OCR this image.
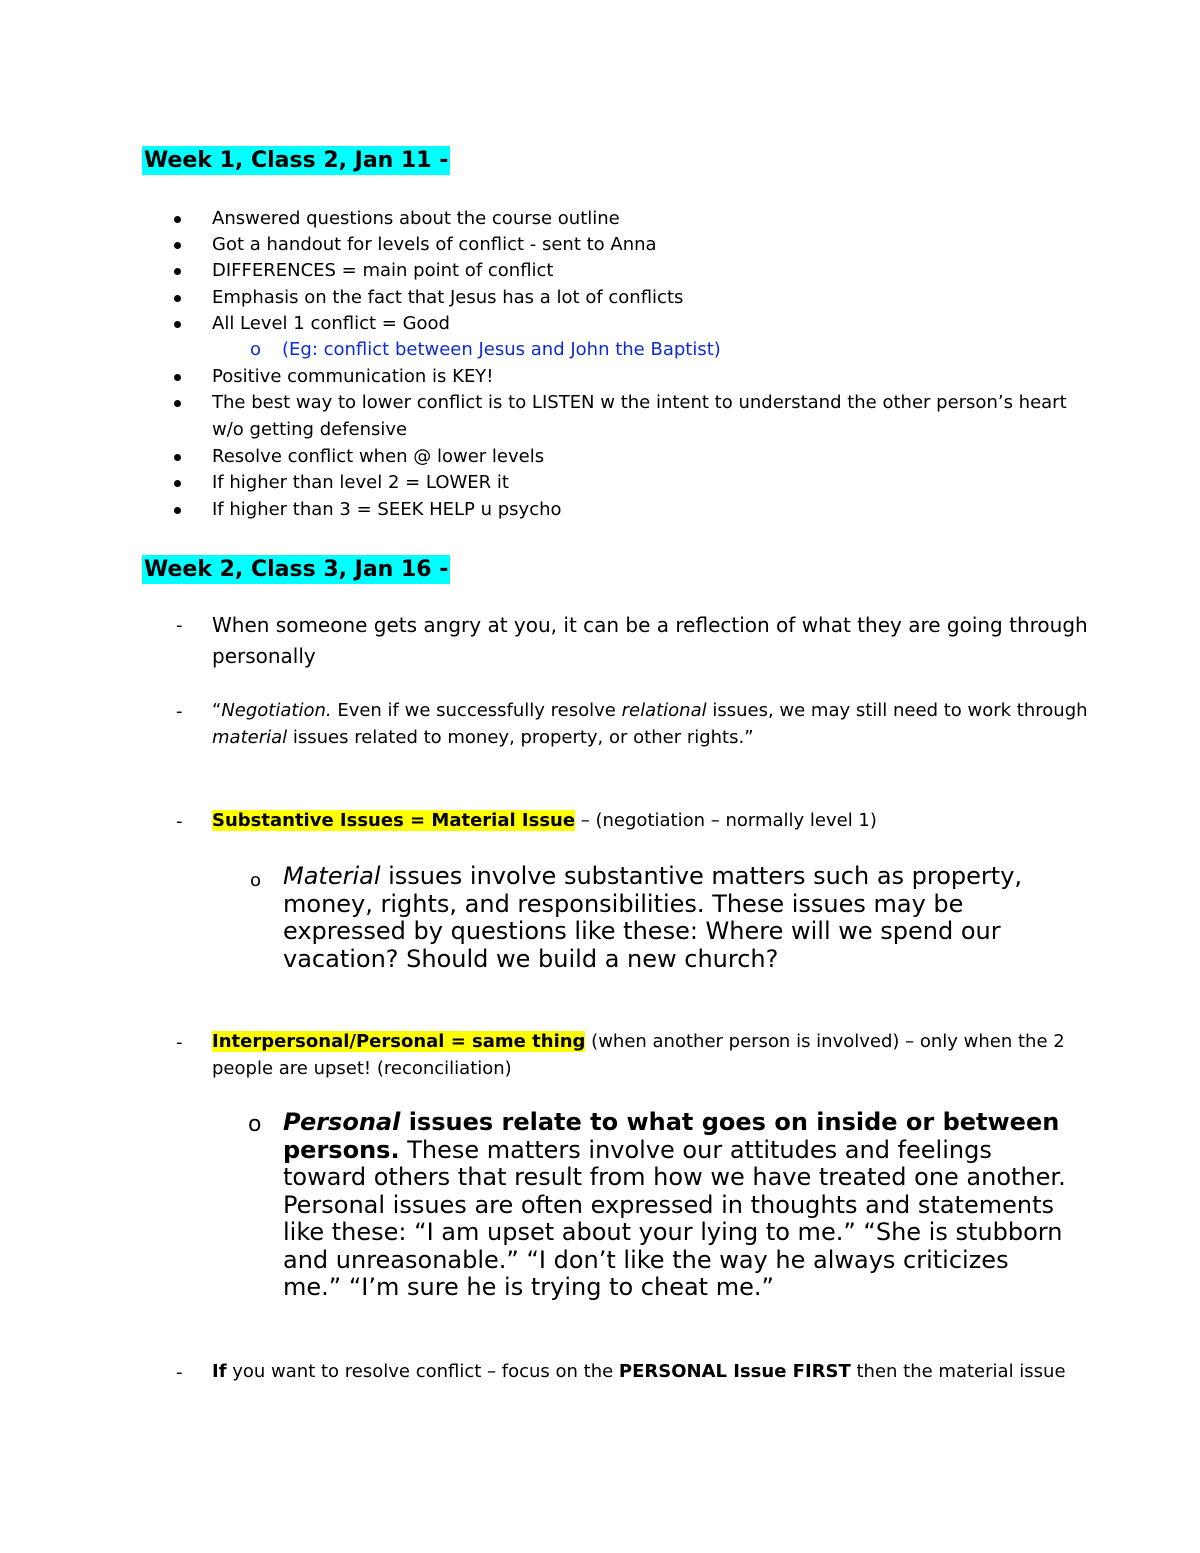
Week 1, Class 2, Jan 11 -
Answered questions about the course outline
Got a handout for levels of conflict - sent to Anna
DIFFERENCES = main point of conflict
Emphasis on the fact that Jesus has a lot of conflicts
All Level 1 conflict = Good
o (Eg: conflict between Jesus and John the Baptist)
Positive communication is KEY!
The best way to lower conflict is to LISTEN w the intent to understand the other person’s heart
w/o getting defensive
Resolve conflict when @ lower levels
If higher than level 2 = LOWER it
If higher than 3 = SEEK HELP u psycho
Week 2, Class 3, Jan 16 -
- When someone gets angry at you, it can be a reflection of what they are going through
personally
- “Negotiation. Even if we successfully resolve relational issues, we may still need to work through
material issues related to money, property, or other rights.”
- Substantive Issues = Material Issue – (negotiation – normally level 1)
o Material issues involve substantive matters such as property,
money, rights, and responsibilities. These issues may be
expressed by questions like these: Where will we spend our
vacation? Should we build a new church?
- Interpersonal/Personal = same thing (when another person is involved) – only when the 2
people are upset! (reconciliation)
o Personal issues relate to what goes on inside or between
persons. These matters involve our attitudes and feelings
toward others that result from how we have treated one another.
Personal issues are often expressed in thoughts and statements
like these: “I am upset about your lying to me.” “She is stubborn
and unreasonable.” “I don’t like the way he always criticizes
me.” “I’m sure he is trying to cheat me.”
- If you want to resolve conflict – focus on the PERSONAL Issue FIRST then the material issue
